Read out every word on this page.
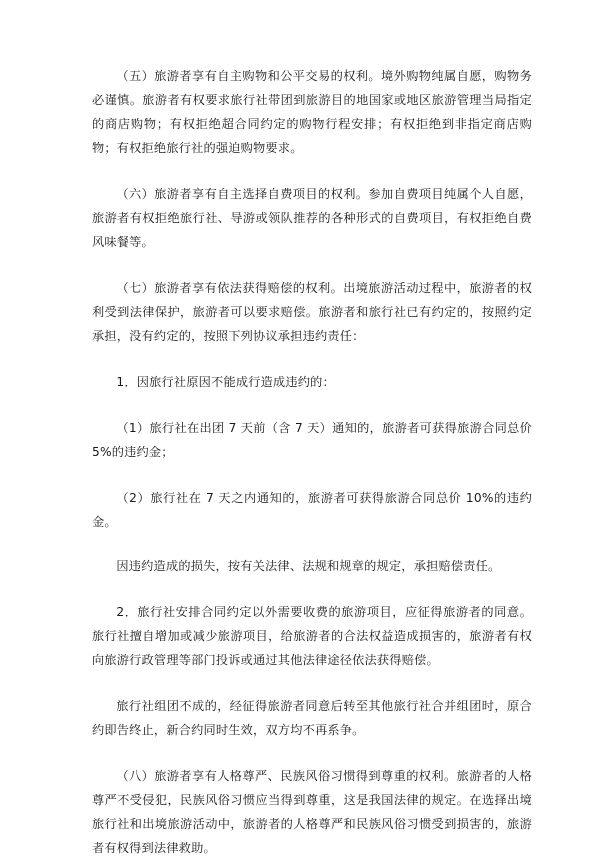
（五）旅游者享有自主购物和公平交易的权利。境外购物纯属自愿，购物务必谨慎。旅游者有权要求旅行社带团到旅游目的地国家或地区旅游管理当局指定的商店购物；有权拒绝超合同约定的购物行程安排；有权拒绝到非指定商店购物；有权拒绝旅行社的强迫购物要求。

（六）旅游者享有自主选择自费项目的权利。参加自费项目纯属个人自愿，旅游者有权拒绝旅行社、导游或领队推荐的各种形式的自费项目，有权拒绝自费风味餐等。

（七）旅游者享有依法获得赔偿的权利。出境旅游活动过程中，旅游者的权利受到法律保护，旅游者可以要求赔偿。旅游者和旅行社已有约定的，按照约定承担，没有约定的，按照下列协议承担违约责任：

1．因旅行社原因不能成行造成违约的：

（1）旅行社在出团 7 天前（含 7 天）通知的，旅游者可获得旅游合同总价 5%的违约金；

（2）旅行社在 7 天之内通知的，旅游者可获得旅游合同总价 10%的违约金。

因违约造成的损失，按有关法律、法规和规章的规定，承担赔偿责任。

2．旅行社安排合同约定以外需要收费的旅游项目，应征得旅游者的同意。旅行社擅自增加或减少旅游项目，给旅游者的合法权益造成损害的，旅游者有权向旅游行政管理等部门投诉或通过其他法律途径依法获得赔偿。

旅行社组团不成的，经征得旅游者同意后转至其他旅行社合并组团时，原合约即告终止，新合约同时生效，双方均不再系争。

（八）旅游者享有人格尊严、民族风俗习惯得到尊重的权利。旅游者的人格尊严不受侵犯，民族风俗习惯应当得到尊重，这是我国法律的规定。在选择出境旅行社和出境旅游活动中，旅游者的人格尊严和民族风俗习惯受到损害的，旅游者有权得到法律救助。
